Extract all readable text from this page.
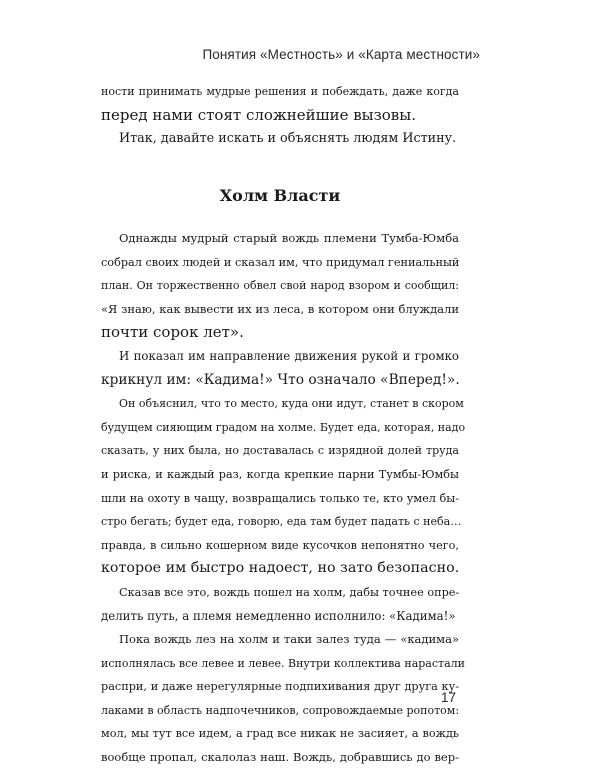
Понятия «Местность» и «Карта местности»
ности принимать мудрые решения и побеждать, даже когда
перед нами стоят сложнейшие вызовы.
Итак, давайте искать и объяснять людям Истину.
Холм Власти
Однажды мудрый старый вождь племени Тумба-Юмба
собрал своих людей и сказал им, что придумал гениальный
план. Он торжественно обвел свой народ взором и сообщил:
«Я знаю, как вывести их из леса, в котором они блуждали
почти сорок лет».
И показал им направление движения рукой и громко
крикнул им: «Кадима!» Что означало «Вперед!».
Он объяснил, что то место, куда они идут, станет в скором
будущем сияющим градом на холме. Будет еда, которая, надо
сказать, у них была, но доставалась с изрядной долей труда
и риска, и каждый раз, когда крепкие парни Тумбы-Юмбы
шли на охоту в чащу, возвращались только те, кто умел бы-
стро бегать; будет еда, говорю, еда там будет падать с неба…
правда, в сильно кошерном виде кусочков непонятно чего,
которое им быстро надоест, но зато безопасно.
Сказав все это, вождь пошел на холм, дабы точнее опре-
делить путь, а племя немедленно исполнило: «Кадима!»
Пока вождь лез на холм и таки залез туда — «кадима»
исполнялась все левее и левее. Внутри коллектива нарастали
распри, и даже нерегулярные подпихивания друг друга ку-
лаками в область надпочечников, сопровождаемые ропотом:
мол, мы тут все идем, а град все никак не засияет, а вождь
вообще пропал, скалолаз наш. Вождь, добравшись до вер-
17
